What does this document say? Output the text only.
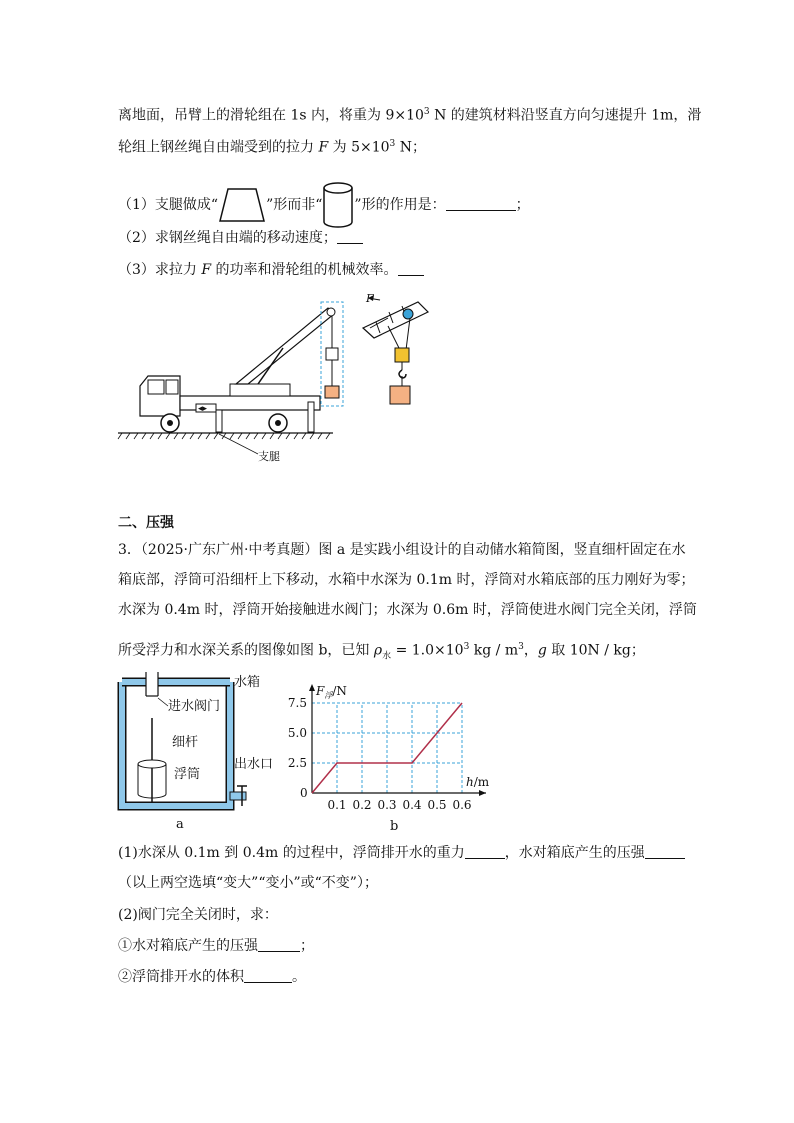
离地面，吊臂上的滑轮组在 1s 内，将重为 $9\times 10^3$ N 的建筑材料沿竖直方向匀速提升 1m，滑
轮组上钢丝绳自由端受到的拉力 F 为 $5\times 10^3$ N；
（1）支腿做成“	”形而非“ ”形的作用是：	；
（2）求钢丝绳自由端的移动速度；
（3）求拉力 F 的功率和滑轮组的机械效率。
◂▸
支腿
F
二、压强
3．（2025·广东广州·中考真题）图 a 是实践小组设计的自动储水箱简图，竖直细杆固定在水
箱底部，浮筒可沿细杆上下移动，水箱中水深为 0.1m 时，浮筒对水箱底部的压力刚好为零；
水深为 0.4m 时，浮筒开始接触进水阀门；水深为 0.6m 时，浮筒使进水阀门完全关闭，浮筒
所受浮力和水深关系的图像如图 b，已知 $\rho_水 = 1.0\times 10^3$ kg / $m^3$，g 取 10N / kg；
进水阀门
水箱
细杆
浮筒
出水口
a
$F_浮/N$
h/m
0
0.1 0.2 0.3 0.4 0.5 0.6
2.5
5.0
7.5
b
(1)水深从 0.1m 到 0.4m 的过程中，浮筒排开水的重力	，水对箱底产生的压强
（以上两空选填“变大”“变小”或“不变”）；
(2)阀门完全关闭时，求：
①水对箱底产生的压强	；
②浮筒排开水的体积	。
